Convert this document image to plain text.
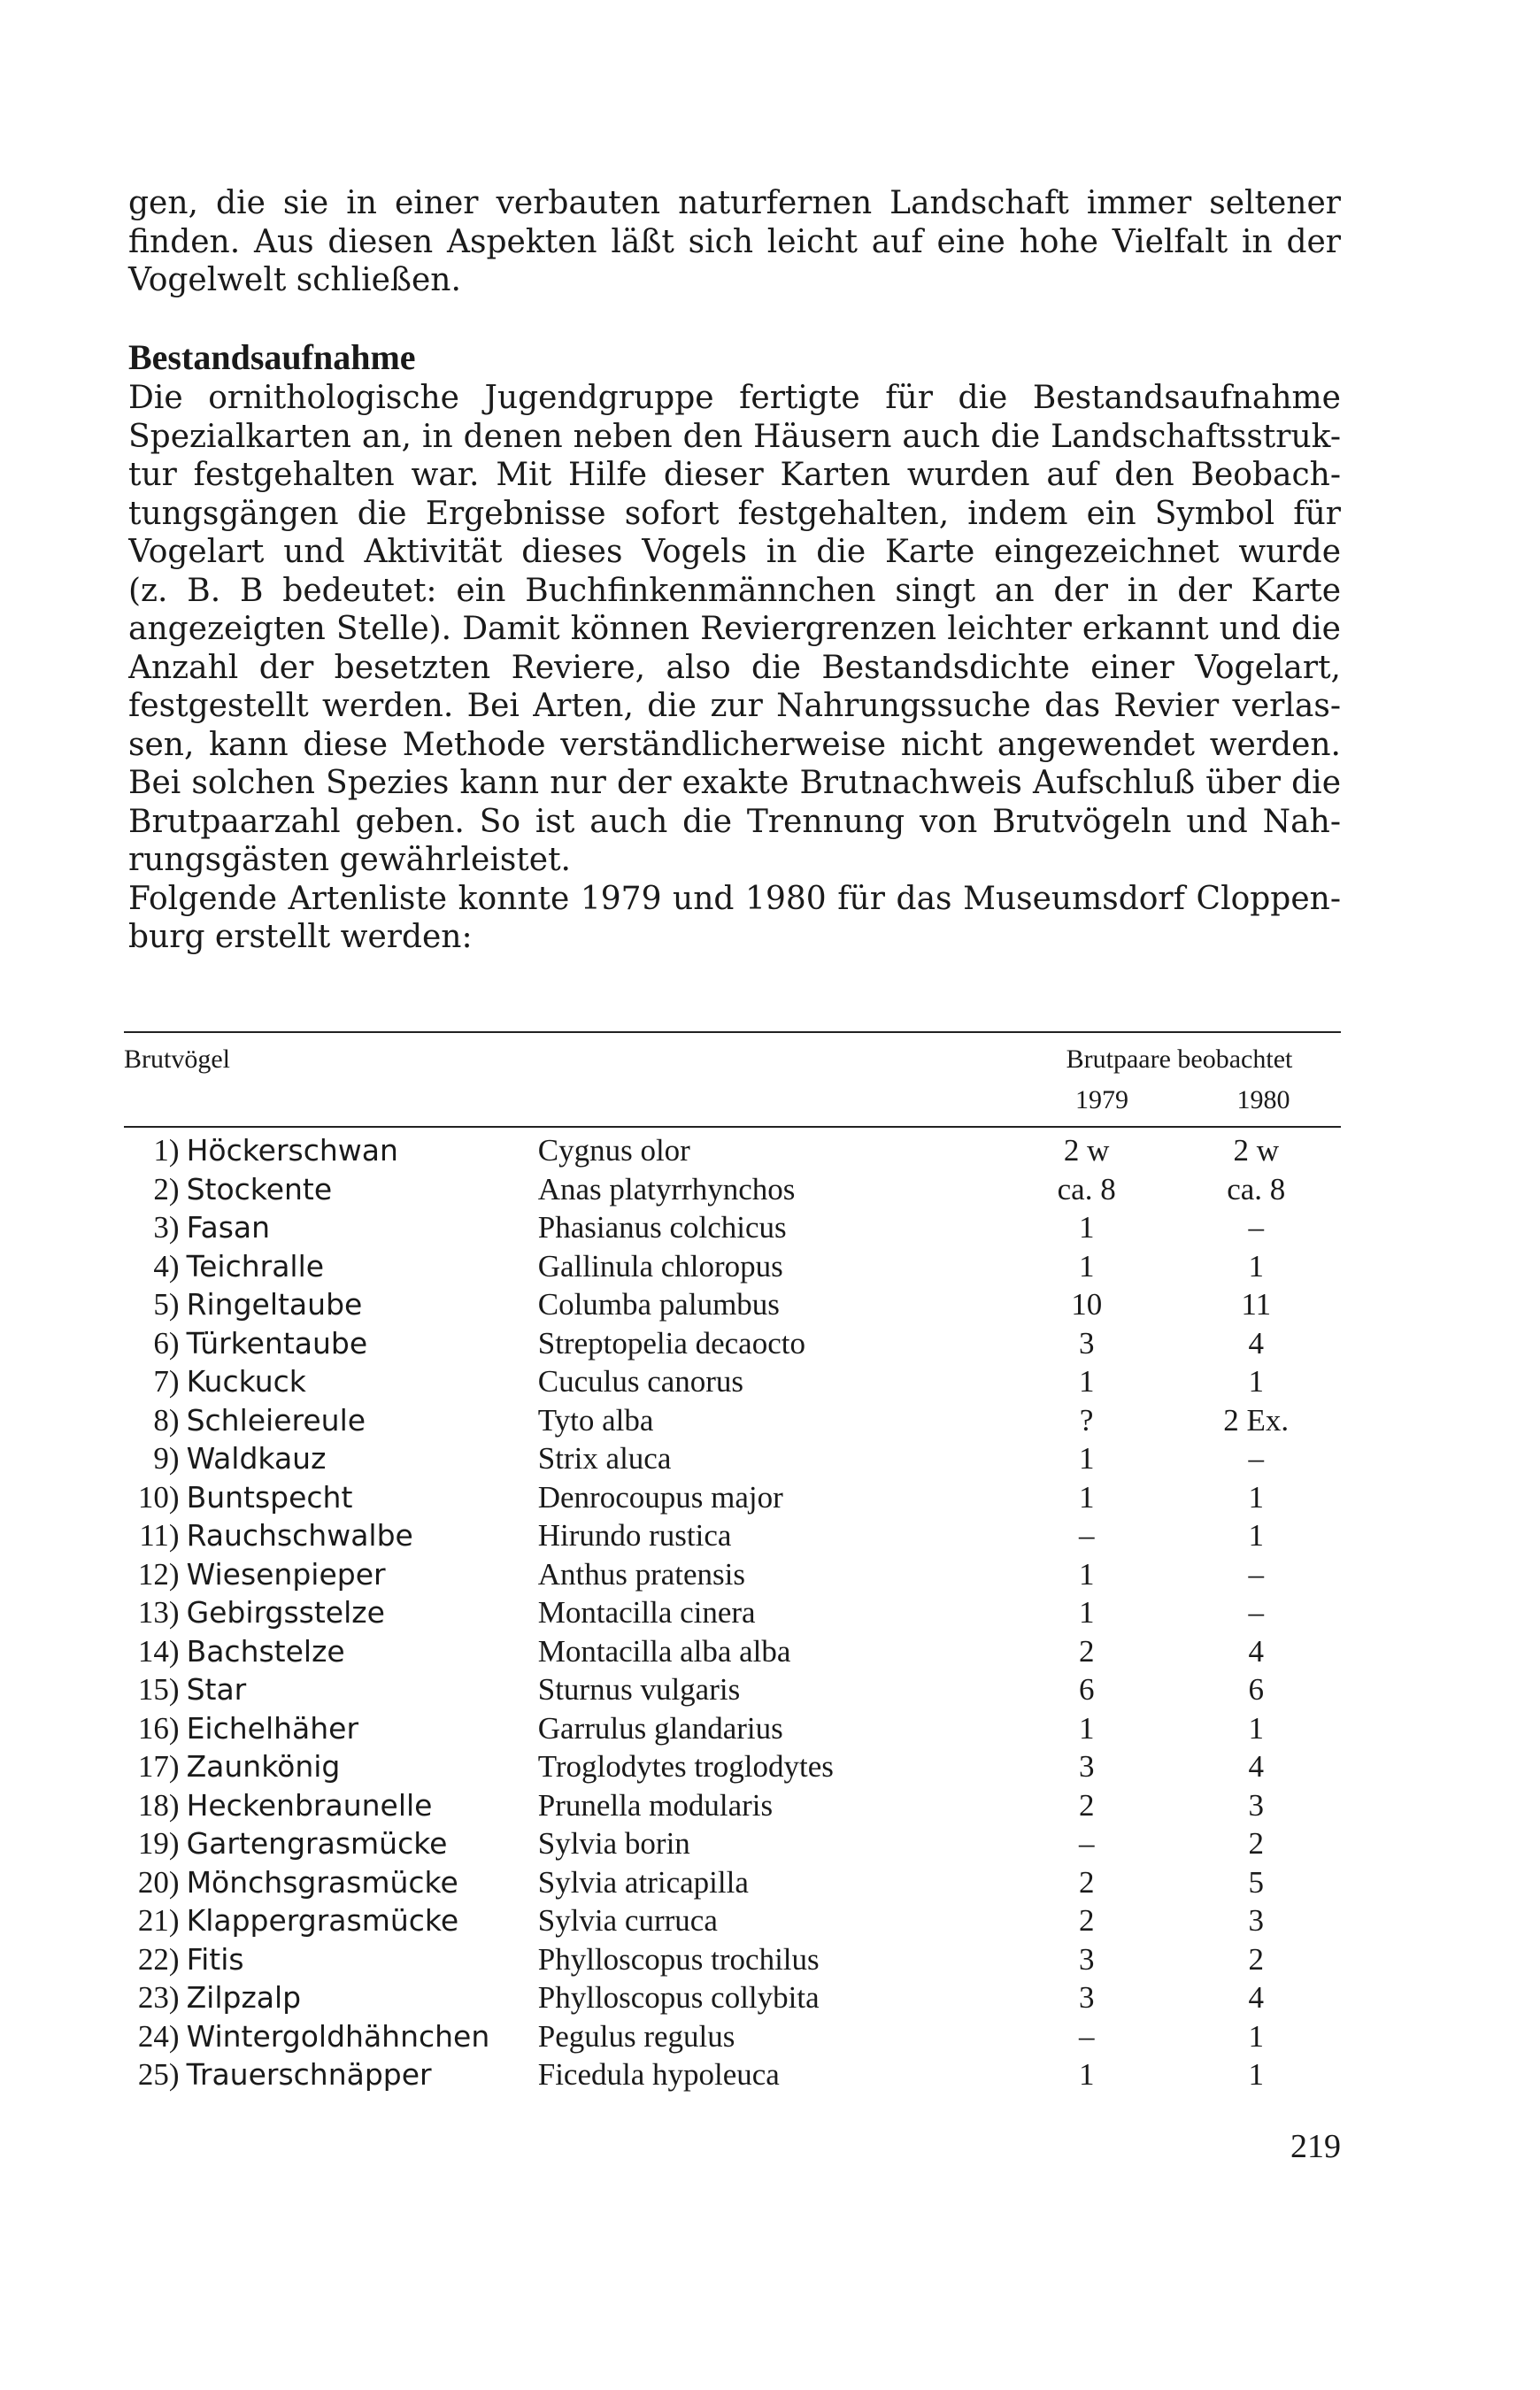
gen, die sie in einer verbauten naturfernen Landschaft immer seltener
finden. Aus diesen Aspekten läßt sich leicht auf eine hohe Vielfalt in der
Vogelwelt schließen.
Bestandsaufnahme
Die ornithologische Jugendgruppe fertigte für die Bestandsaufnahme
Spezialkarten an, in denen neben den Häusern auch die Landschaftsstruk-
tur festgehalten war. Mit Hilfe dieser Karten wurden auf den Beobach-
tungsgängen die Ergebnisse sofort festgehalten, indem ein Symbol für
Vogelart und Aktivität dieses Vogels in die Karte eingezeichnet wurde
(z. B. B bedeutet: ein Buchfinkenmännchen singt an der in der Karte
angezeigten Stelle). Damit können Reviergrenzen leichter erkannt und die
Anzahl der besetzten Reviere, also die Bestandsdichte einer Vogelart,
festgestellt werden. Bei Arten, die zur Nahrungssuche das Revier verlas-
sen, kann diese Methode verständlicherweise nicht angewendet werden.
Bei solchen Spezies kann nur der exakte Brutnachweis Aufschluß über die
Brutpaarzahl geben. So ist auch die Trennung von Brutvögeln und Nah-
rungsgästen gewährleistet.
Folgende Artenliste konnte 1979 und 1980 für das Museumsdorf Cloppen-
burg erstellt werden:
Brutvögel	Brutpaare beobachtet
1979	1980
1)	Höckerschwan	Cygnus olor	2 w	2 w
2)	Stockente	Anas platyrrhynchos	ca. 8	ca. 8
3)	Fasan	Phasianus colchicus	1	–
4)	Teichralle	Gallinula chloropus	1	1
5)	Ringeltaube	Columba palumbus	10	11
6)	Türkentaube	Streptopelia decaocto	3	4
7)	Kuckuck	Cuculus canorus	1	1
8)	Schleiereule	Tyto alba	?	2 Ex.
9)	Waldkauz	Strix aluca	1	–
10)	Buntspecht	Denrocoupus major	1	1
11)	Rauchschwalbe	Hirundo rustica	–	1
12)	Wiesenpieper	Anthus pratensis	1	–
13)	Gebirgsstelze	Montacilla cinera	1	–
14)	Bachstelze	Montacilla alba alba	2	4
15)	Star	Sturnus vulgaris	6	6
16)	Eichelhäher	Garrulus glandarius	1	1
17)	Zaunkönig	Troglodytes troglodytes	3	4
18)	Heckenbraunelle	Prunella modularis	2	3
19)	Gartengrasmücke	Sylvia borin	–	2
20)	Mönchsgrasmücke	Sylvia atricapilla	2	5
21)	Klappergrasmücke	Sylvia curruca	2	3
22)	Fitis	Phylloscopus trochilus	3	2
23)	Zilpzalp	Phylloscopus collybita	3	4
24)	Wintergoldhähnchen	Pegulus regulus	–	1
25)	Trauerschnäpper	Ficedula hypoleuca	1	1
219
